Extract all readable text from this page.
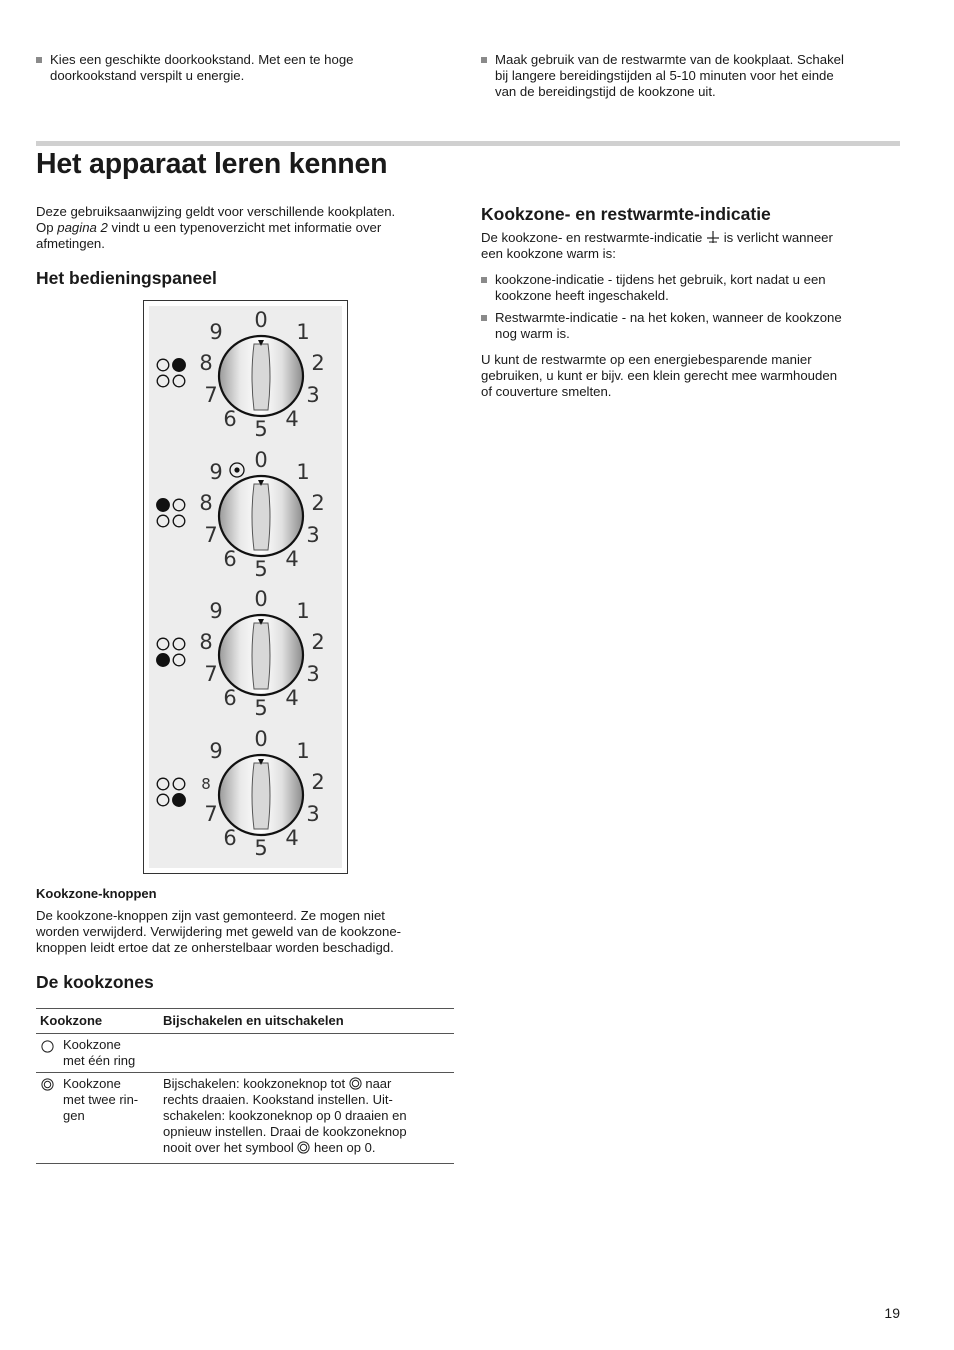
Kies een geschikte doorkookstand. Met een te hoge
doorkookstand verspilt u energie.
Maak gebruik van de restwarmte van de kookplaat. Schakel
bij langere bereidingstijden al 5-10 minuten voor het einde
van de bereidingstijd de kookzone uit.
Het apparaat leren kennen
Deze gebruiksaanwijzing geldt voor verschillende kookplaten.
Op pagina 2 vindt u een typenoverzicht met informatie over
afmetingen.
Het bedieningspaneel
0 1
2
3
4
5
6
7
8
9
0 1
2
3
4
5
6
7
8
9
0 1
2
3
4
5
6
7
8
9
0 1
2
3
4
5
6
7
8
9
Kookzone-knoppen
De kookzone-knoppen zijn vast gemonteerd. Ze mogen niet
worden verwijderd. Verwijdering met geweld van de kookzone-
knoppen leidt ertoe dat ze onherstelbaar worden beschadigd.
De kookzones
Kookzone	Bijschakelen en uitschakelen
Kookzone
met één ring
Kookzone
met twee rin-
gen
Bijschakelen: kookzoneknop tot  naar
rechts draaien. Kookstand instellen. Uit-
schakelen: kookzoneknop op 0 draaien en
opnieuw instellen. Draai de kookzoneknop
nooit over het symbool  heen op 0.
Kookzone- en restwarmte-indicatie
De kookzone- en restwarmte-indicatie  is verlicht wanneer
een kookzone warm is:
kookzone-indicatie - tijdens het gebruik, kort nadat u een
kookzone heeft ingeschakeld.
Restwarmte-indicatie - na het koken, wanneer de kookzone
nog warm is.
U kunt de restwarmte op een energiebesparende manier
gebruiken, u kunt er bijv. een klein gerecht mee warmhouden
of couverture smelten.
19
